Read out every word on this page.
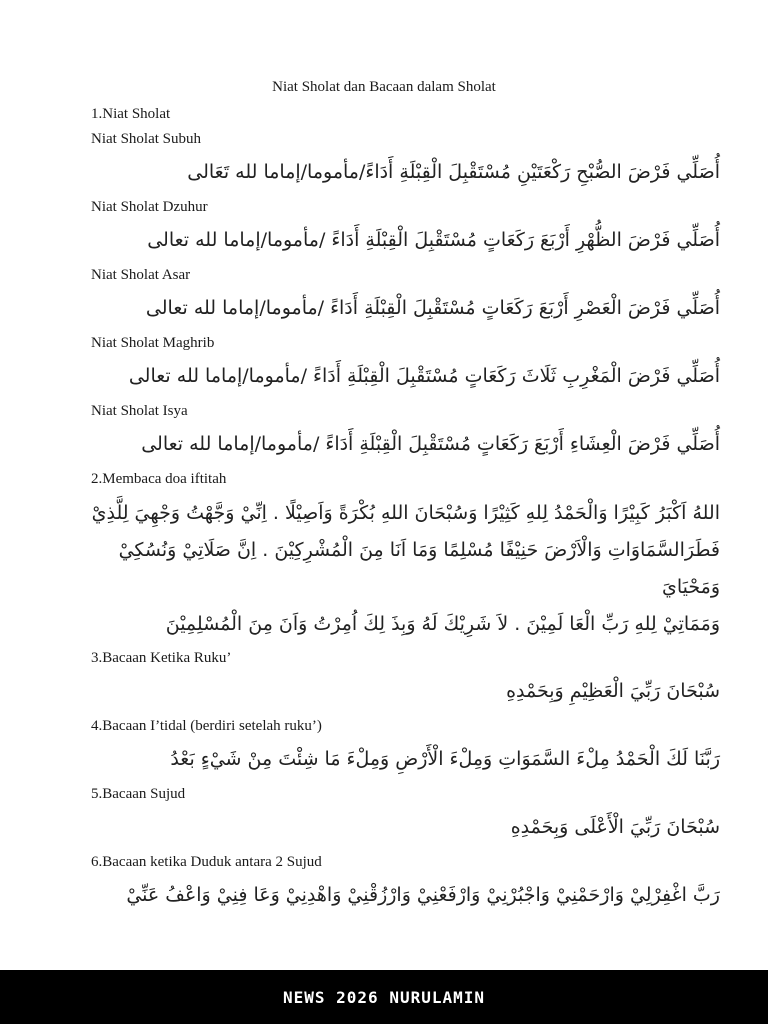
Niat Sholat dan Bacaan dalam Sholat

1.Niat Sholat

Niat Sholat Subuh

أُصَلِّي فَرْضَ الصُّبْحِ رَكْعَتَيْنِ مُسْتَقْبِلَ الْقِبْلَةِ أَدَاءً/مأموما/إماما لله تَعَالى

Niat Sholat Dzuhur

أُصَلِّي فَرْضَ الظُّهْرِ أَرْبَعَ رَكَعَاتٍ مُسْتَقْبِلَ الْقِبْلَةِ أَدَاءً /مأموما/إماما لله تعالى

Niat Sholat Asar

أُصَلِّي فَرْضَ الْعَصْرِ أَرْبَعَ رَكَعَاتٍ مُسْتَقْبِلَ الْقِبْلَةِ أَدَاءً /مأموما/إماما لله تعالى

Niat Sholat Maghrib

أُصَلِّي فَرْضَ الْمَغْرِبِ ثَلَاثَ رَكَعَاتٍ مُسْتَقْبِلَ الْقِبْلَةِ أَدَاءً /مأموما/إماما لله تعالى

Niat Sholat Isya

أُصَلِّي فَرْضَ الْعِشَاءِ أَرْبَعَ رَكَعَاتٍ مُسْتَقْبِلَ الْقِبْلَةِ أَدَاءً /مأموما/إماما لله تعالى

2.Membaca doa iftitah

اللهُ اَكْبَرُ كَبِيْرًا وَالْحَمْدُ لِلهِ كَثِيْرًا وَسُبْحَانَ اللهِ بُكْرَةً وَاَصِيْلًا . اِنِّيْ وَجَّهْتُ وَجْهِيَ لِلَّذِيْ
فَطَرَالسَّمَاوَاتِ وَالْاَرْضَ حَنِيْفًا مُسْلِمًا وَمَا اَنَا مِنَ الْمُشْرِكِيْنَ . اِنَّ صَلَاتِيْ وَنُسُكِيْ وَمَحْيَايَ
وَمَمَاتِيْ لِلهِ رَبِّ الْعَا لَمِيْنَ . لاَ شَرِيْكَ لَهُ وَبِذَ لِكَ اُمِرْتُ وَاَنَ مِنَ الْمُسْلِمِيْنَ

3.Bacaan Ketika Ruku’

سُبْحَانَ رَبِّيَ الْعَظِيْمِ وَبِحَمْدِهِ

4.Bacaan I’tidal (berdiri setelah ruku’)

رَبَّنَا لَكَ الْحَمْدُ مِلْءَ السَّمَوَاتِ وَمِلْءَ الْأَرْضِ وَمِلْءَ مَا شِئْتَ مِنْ شَيْءٍ بَعْدُ

5.Bacaan Sujud

سُبْحَانَ رَبِّيَ الْأَعْلَى وَبِحَمْدِهِ

6.Bacaan ketika Duduk antara 2 Sujud

رَبَّ اغْفِرْلِيْ وَارْحَمْنِيْ وَاجْبُرْنِيْ وَارْفَعْنِيْ وَارْزُقْنِيْ وَاهْدِنِيْ وَعَا فِنِيْ وَاعْفُ عَنِّيْ

NEWS 2026 NURULAMIN
